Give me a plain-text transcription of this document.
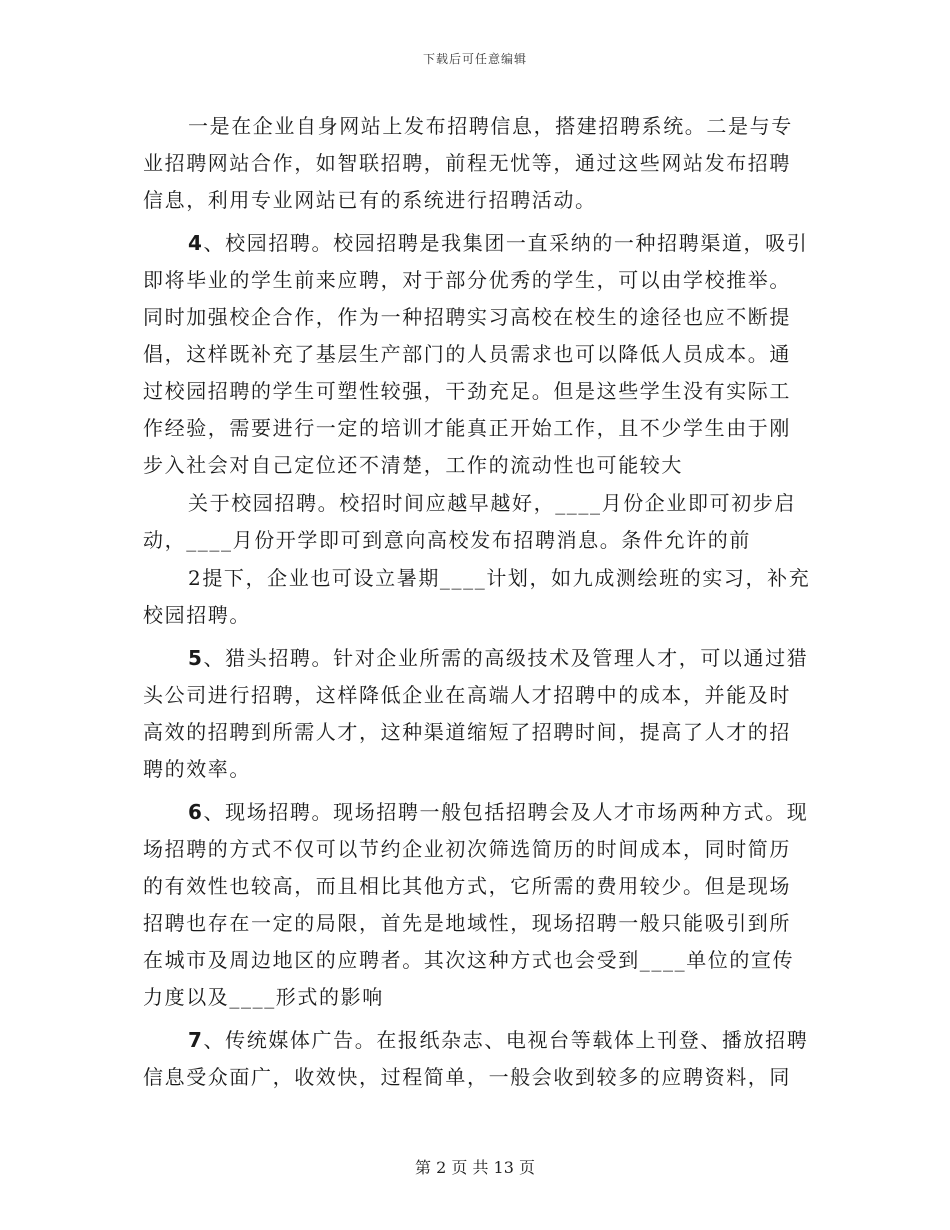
下载后可任意编辑
一是在企业自身网站上发布招聘信息，搭建招聘系统。二是与专
业招聘网站合作，如智联招聘，前程无忧等，通过这些网站发布招聘
信息，利用专业网站已有的系统进行招聘活动。
4、校园招聘。校园招聘是我集团一直采纳的一种招聘渠道，吸引
即将毕业的学生前来应聘，对于部分优秀的学生，可以由学校推举。
同时加强校企合作，作为一种招聘实习高校在校生的途径也应不断提
倡，这样既补充了基层生产部门的人员需求也可以降低人员成本。通
过校园招聘的学生可塑性较强，干劲充足。但是这些学生没有实际工
作经验，需要进行一定的培训才能真正开始工作，且不少学生由于刚
步入社会对自己定位还不清楚，工作的流动性也可能较大
关于校园招聘。校招时间应越早越好，____月份企业即可初步启
动，____月份开学即可到意向高校发布招聘消息。条件允许的前
2提下，企业也可设立暑期____计划，如九成测绘班的实习，补充
校园招聘。
5、猎头招聘。针对企业所需的高级技术及管理人才，可以通过猎
头公司进行招聘，这样降低企业在高端人才招聘中的成本，并能及时
高效的招聘到所需人才，这种渠道缩短了招聘时间，提高了人才的招
聘的效率。
6、现场招聘。现场招聘一般包括招聘会及人才市场两种方式。现
场招聘的方式不仅可以节约企业初次筛选简历的时间成本，同时简历
的有效性也较高，而且相比其他方式，它所需的费用较少。但是现场
招聘也存在一定的局限，首先是地域性，现场招聘一般只能吸引到所
在城市及周边地区的应聘者。其次这种方式也会受到____单位的宣传
力度以及____形式的影响
7、传统媒体广告。在报纸杂志、电视台等载体上刊登、播放招聘
信息受众面广，收效快，过程简单，一般会收到较多的应聘资料，同
第 2 页 共 13 页
